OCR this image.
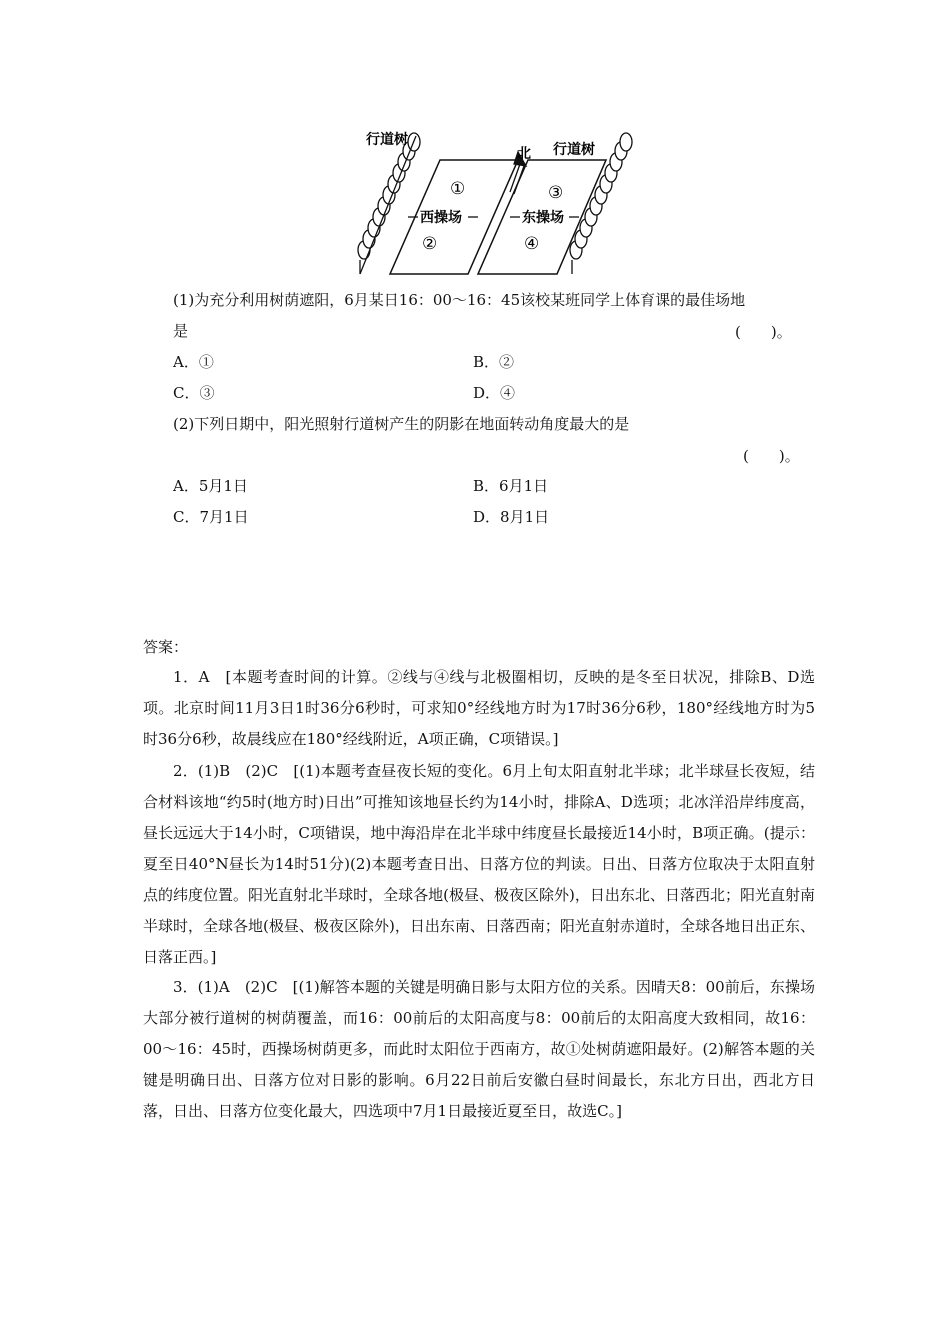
行道树
行道树
北
西操场	东操场
①
②
③
④
(1)为充分利用树荫遮阳，6月某日16：00～16：45该校某班同学上体育课的最佳场地
是	(　　)。
A．①	B．②
C．③	D．④
(2)下列日期中，阳光照射行道树产生的阴影在地面转动角度最大的是
(　　)。
A．5月1日	B．6月1日
C．7月1日	D．8月1日
答案：
1．A　[本题考查时间的计算。②线与④线与北极圈相切，反映的是冬至日状况，排除B、D选项。北京时间11月3日1时36分6秒时，可求知0°经线地方时为17时36分6秒，180°经线地方时为5时36分6秒，故晨线应在180°经线附近，A项正确，C项错误。]
2．(1)B　(2)C　[(1)本题考查昼夜长短的变化。6月上旬太阳直射北半球；北半球昼长夜短，结合材料该地“约5时(地方时)日出”可推知该地昼长约为14小时，排除A、D选项；北冰洋沿岸纬度高，昼长远远大于14小时，C项错误，地中海沿岸在北半球中纬度昼长最接近14小时，B项正确。(提示：夏至日40°N昼长为14时51分)(2)本题考查日出、日落方位的判读。日出、日落方位取决于太阳直射点的纬度位置。阳光直射北半球时，全球各地(极昼、极夜区除外)，日出东北、日落西北；阳光直射南半球时，全球各地(极昼、极夜区除外)，日出东南、日落西南；阳光直射赤道时，全球各地日出正东、日落正西。]
3．(1)A　(2)C　[(1)解答本题的关键是明确日影与太阳方位的关系。因晴天8：00前后，东操场大部分被行道树的树荫覆盖，而16：00前后的太阳高度与8：00前后的太阳高度大致相同，故16：00～16：45时，西操场树荫更多，而此时太阳位于西南方，故①处树荫遮阳最好。(2)解答本题的关键是明确日出、日落方位对日影的影响。6月22日前后安徽白昼时间最长，东北方日出，西北方日落，日出、日落方位变化最大，四选项中7月1日最接近夏至日，故选C。]
